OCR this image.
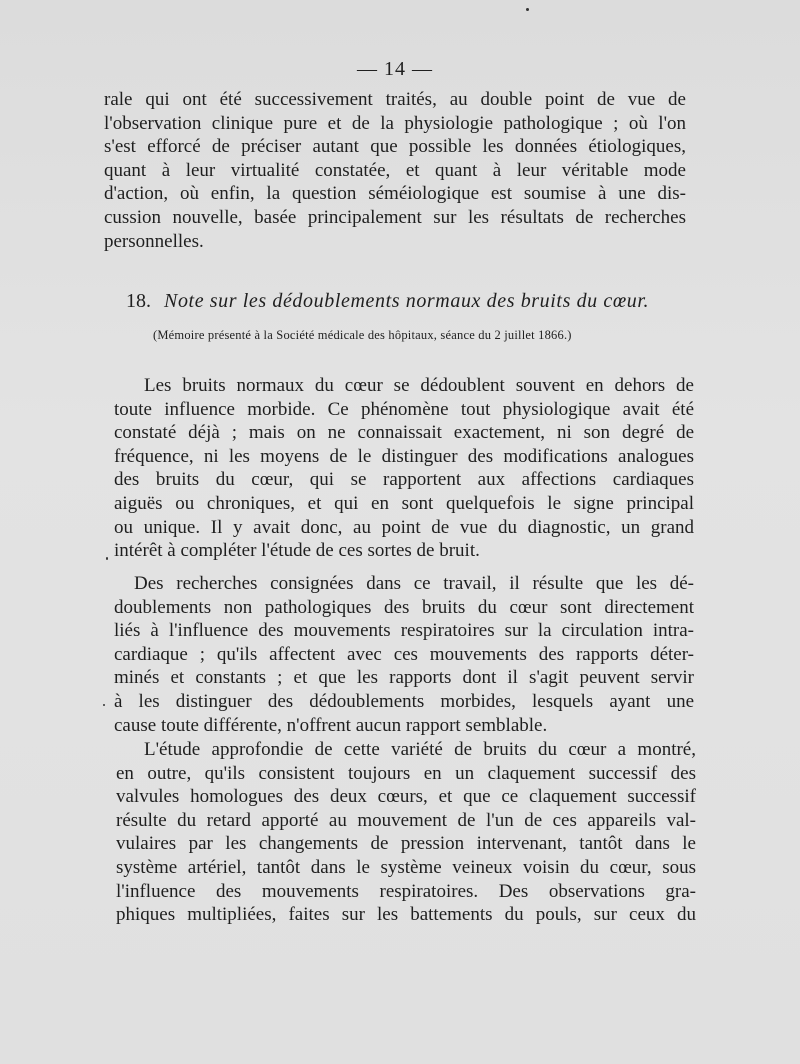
— 14 —

rale qui ont été successivement traités, au double point de vue de
l'observation clinique pure et de la physiologie pathologique ; où l'on
s'est efforcé de préciser autant que possible les données étiologiques,
quant à leur virtualité constatée, et quant à leur véritable mode
d'action, où enfin, la question séméiologique est soumise à une dis-
cussion nouvelle, basée principalement sur les résultats de recherches
personnelles.

18. Note sur les dédoublements normaux des bruits du cœur.
(Mémoire présenté à la Société médicale des hôpitaux, séance du 2 juillet 1866.)

Les bruits normaux du cœur se dédoublent souvent en dehors de
toute influence morbide. Ce phénomène tout physiologique avait été
constaté déjà ; mais on ne connaissait exactement, ni son degré de
fréquence, ni les moyens de le distinguer des modifications analogues
des bruits du cœur, qui se rapportent aux affections cardiaques
aiguës ou chroniques, et qui en sont quelquefois le signe principal
ou unique. Il y avait donc, au point de vue du diagnostic, un grand
intérêt à compléter l'étude de ces sortes de bruit.

Des recherches consignées dans ce travail, il résulte que les dé-
doublements non pathologiques des bruits du cœur sont directement
liés à l'influence des mouvements respiratoires sur la circulation intra-
cardiaque ; qu'ils affectent avec ces mouvements des rapports déter-
minés et constants ; et que les rapports dont il s'agit peuvent servir
à les distinguer des dédoublements morbides, lesquels ayant une
cause toute différente, n'offrent aucun rapport semblable.

L'étude approfondie de cette variété de bruits du cœur a montré,
en outre, qu'ils consistent toujours en un claquement successif des
valvules homologues des deux cœurs, et que ce claquement successif
résulte du retard apporté au mouvement de l'un de ces appareils val-
vulaires par les changements de pression intervenant, tantôt dans le
système artériel, tantôt dans le système veineux voisin du cœur, sous
l'influence des mouvements respiratoires. Des observations gra-
phiques multipliées, faites sur les battements du pouls, sur ceux du
